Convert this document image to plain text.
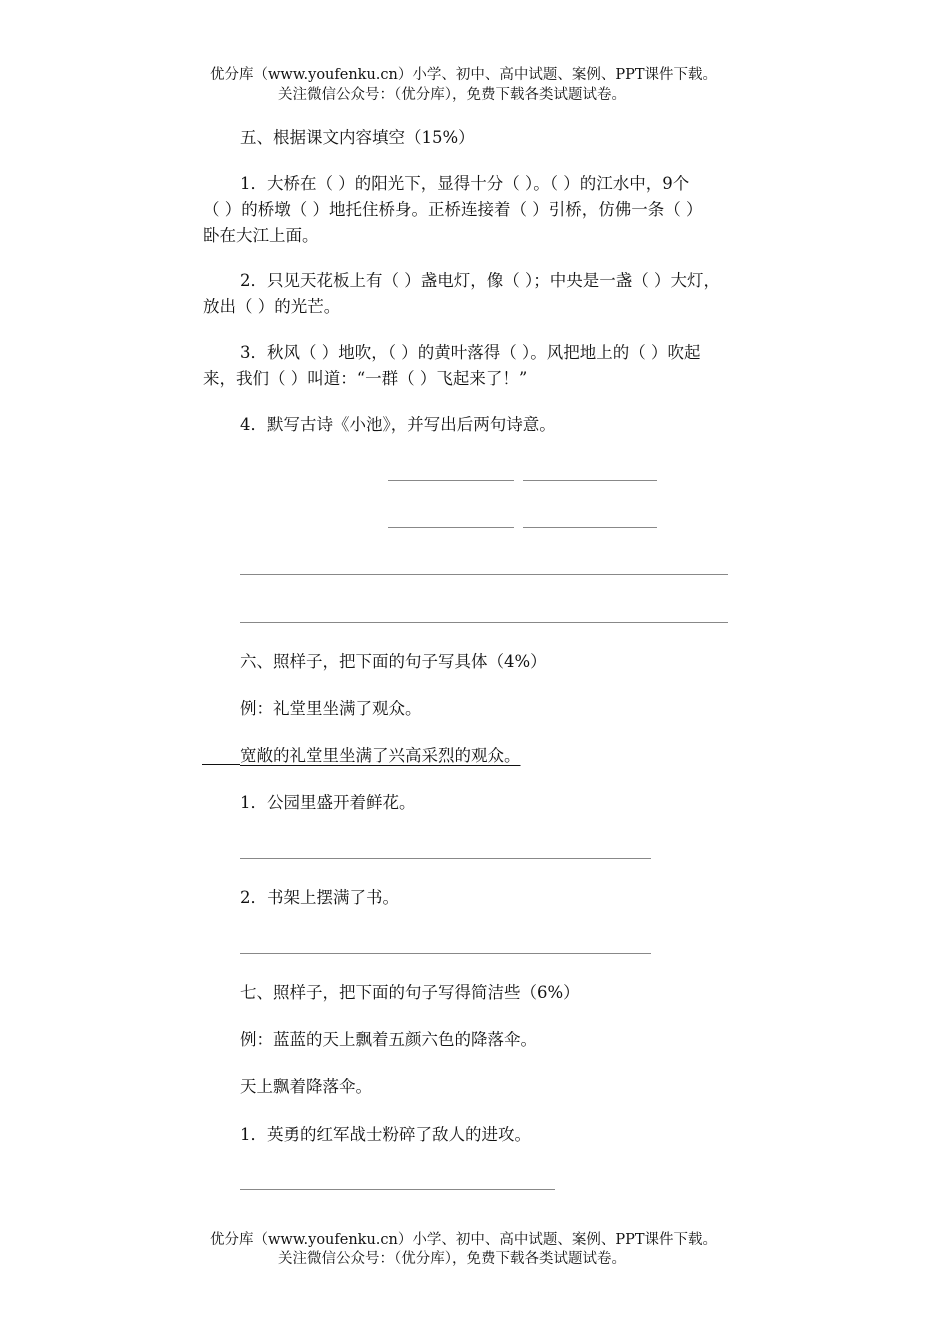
优分库（www.youfenku.cn）小学、初中、高中试题、案例、PPT课件下载。
关注微信公众号：（优分库），免费下载各类试题试卷。
五、根据课文内容填空（15%）
1．大桥在（ ）的阳光下，显得十分（ ）。（ ）的江水中，9个
（ ）的桥墩（ ）地托住桥身。正桥连接着（ ）引桥，仿佛一条（ ）
卧在大江上面。
2．只见天花板上有（ ）盏电灯，像（ ）；中央是一盏（ ）大灯，
放出（ ）的光芒。
3．秋风（ ）地吹，（ ）的黄叶落得（ ）。风把地上的（ ）吹起
来，我们（ ）叫道：“一群（ ）飞起来了！”
4．默写古诗《小池》，并写出后两句诗意。
六、照样子，把下面的句子写具体（4%）
例：礼堂里坐满了观众。
宽敞的礼堂里坐满了兴高采烈的观众。
1．公园里盛开着鲜花。
2．书架上摆满了书。
七、照样子，把下面的句子写得简洁些（6%）
例：蓝蓝的天上飘着五颜六色的降落伞。
天上飘着降落伞。
1．英勇的红军战士粉碎了敌人的进攻。
优分库（www.youfenku.cn）小学、初中、高中试题、案例、PPT课件下载。
关注微信公众号：（优分库），免费下载各类试题试卷。
